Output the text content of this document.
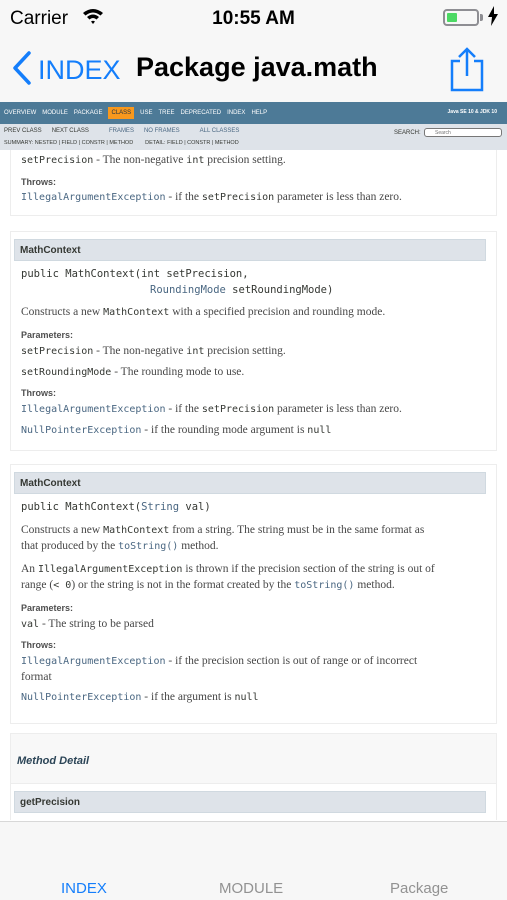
Carrier	10:55 AM
INDEX Package java.math
OVERVIEW MODULE PACKAGE	CLASS	USE TREE DEPRECATED INDEX HELP	Java SE 10 & JDK 10
PREV CLASS NEXT CLASS	FRAMES NO FRAMES	ALL CLASSES
SUMMARY: NESTED | FIELD | CONSTR | METHOD DETAIL: FIELD | CONSTR | METHOD
SEARCH:
Search
setPrecision - The non-negative int precision setting.
Throws:
IllegalArgumentException - if the setPrecision parameter is less than zero.
MathContext
public MathContext(int setPrecision,
RoundingMode setRoundingMode)
Constructs a new MathContext with a specified precision and rounding mode.
Parameters:
setPrecision - The non-negative int precision setting.
setRoundingMode - The rounding mode to use.
Throws:
IllegalArgumentException - if the setPrecision parameter is less than zero.
NullPointerException - if the rounding mode argument is null
MathContext
public MathContext(String val)
Constructs a new MathContext from a string. The string must be in the same format as
that produced by the toString() method.
An IllegalArgumentException is thrown if the precision section of the string is out of
range (< 0) or the string is not in the format created by the toString() method.
Parameters:
val - The string to be parsed
Throws:
IllegalArgumentException - if the precision section is out of range or of incorrect
format
NullPointerException - if the argument is null
Method Detail
getPrecision
INDEX	MODULE	Package
